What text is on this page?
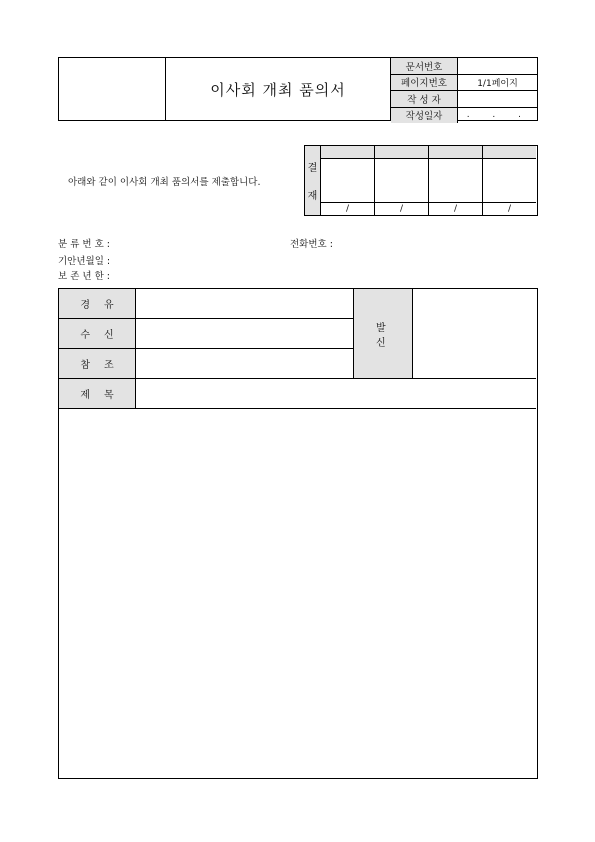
이사회 개최 품의서
문서번호
페이지번호	1/1페이지
작 성 자
작성일자	. . .
아래와 같이 이사회 개최 품의서를 제출합니다.
결
재
/	/	/	/
분 류 번 호 :	전화번호 :
기안년월일 :
보 존 년 한 :
경유
수신
참조
발신
제목
